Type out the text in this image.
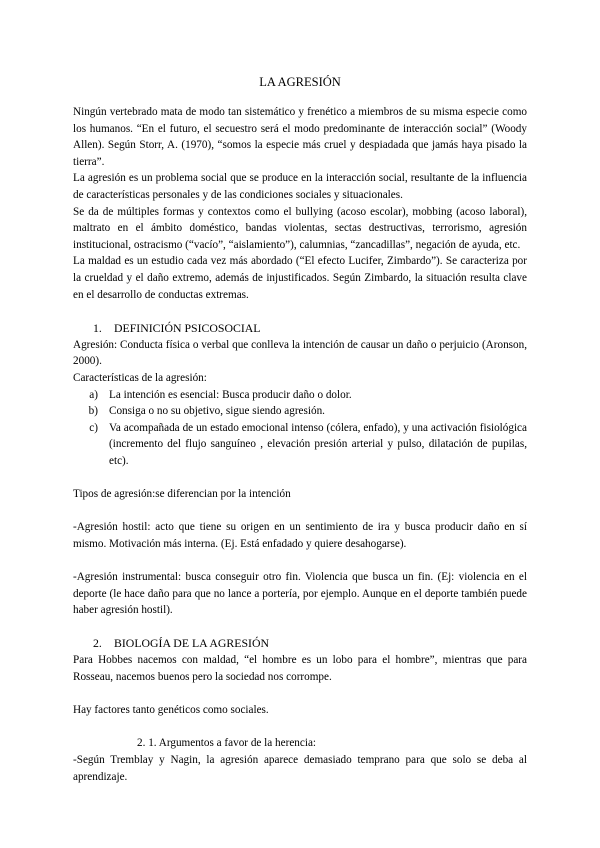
LA AGRESIÓN

Ningún vertebrado mata de modo tan sistemático y frenético a miembros de su misma especie como los humanos. “En el futuro, el secuestro será el modo predominante de interacción social” (Woody Allen). Según Storr, A. (1970), “somos la especie más cruel y despiadada que jamás haya pisado la tierra”.

La agresión es un problema social que se produce en la interacción social, resultante de la influencia de características personales y de las condiciones sociales y situacionales.

Se da de múltiples formas y contextos como el bullying (acoso escolar), mobbing (acoso laboral), maltrato en el ámbito doméstico, bandas violentas, sectas destructivas, terrorismo, agresión institucional, ostracismo (“vacío”, “aislamiento”), calumnias, “zancadillas”, negación de ayuda, etc.

La maldad es un estudio cada vez más abordado (“El efecto Lucifer, Zimbardo”). Se caracteriza por la crueldad y el daño extremo, además de injustificados. Según Zimbardo, la situación resulta clave en el desarrollo de conductas extremas.

1.	DEFINICIÓN PSICOSOCIAL

Agresión: Conducta física o verbal que conlleva la intención de causar un daño o perjuicio (Aronson, 2000).

Características de la agresión:

a) La intención es esencial: Busca producir daño o dolor.
b) Consiga o no su objetivo, sigue siendo agresión.
c) Va acompañada de un estado emocional intenso (cólera, enfado), y una activación fisiológica (incremento del flujo sanguíneo , elevación presión arterial y pulso, dilatación de pupilas, etc).

Tipos de agresión:se diferencian por la intención

-Agresión hostil: acto que tiene su origen en un sentimiento de ira y busca producir daño en sí mismo. Motivación más interna. (Ej. Está enfadado y quiere desahogarse).

-Agresión instrumental: busca conseguir otro fin. Violencia que busca un fin. (Ej: violencia en el deporte (le hace daño para que no lance a portería, por ejemplo. Aunque en el deporte también puede haber agresión hostil).

2.	BIOLOGÍA DE LA AGRESIÓN

Para Hobbes nacemos con maldad, “el hombre es un lobo para el hombre”, mientras que para Rosseau, nacemos buenos pero la sociedad nos corrompe.

Hay factores tanto genéticos como sociales.

2. 1. Argumentos a favor de la herencia:

-Según Tremblay y Nagin, la agresión aparece demasiado temprano para que solo se deba al aprendizaje.
